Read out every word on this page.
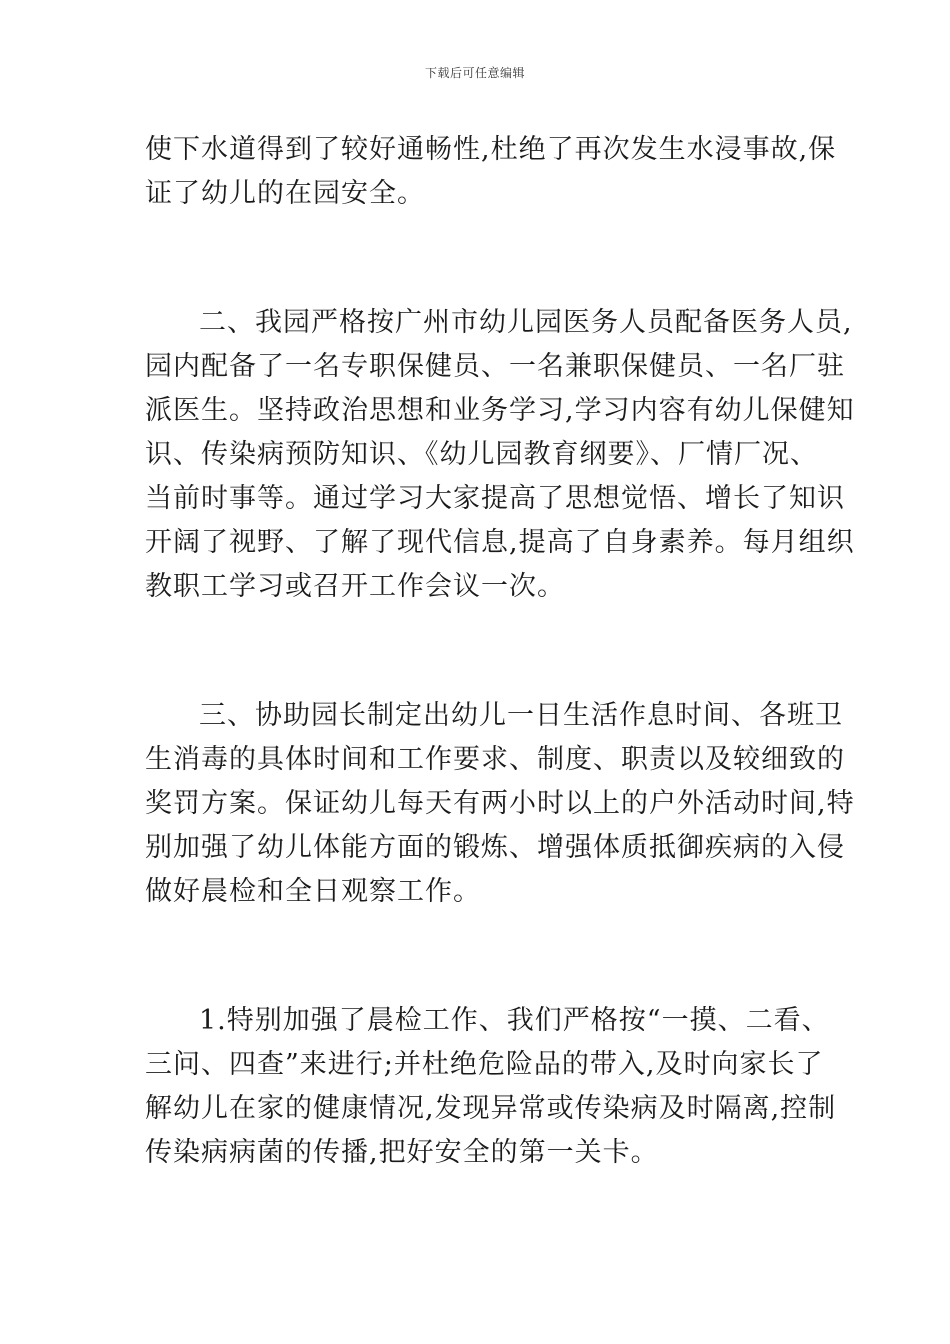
下载后可任意编辑

使下水道得到了较好通畅性,杜绝了再次发生水浸事故,保
证了幼儿的在园安全。

二、我园严格按广州市幼儿园医务人员配备医务人员,
园内配备了一名专职保健员、一名兼职保健员、一名厂驻
派医生。坚持政治思想和业务学习,学习内容有幼儿保健知
识、传染病预防知识、《幼儿园教育纲要》、厂情厂况、
当前时事等。通过学习大家提高了思想觉悟、增长了知识
开阔了视野、了解了现代信息,提高了自身素养。每月组织
教职工学习或召开工作会议一次。

三、协助园长制定出幼儿一日生活作息时间、各班卫
生消毒的具体时间和工作要求、制度、职责以及较细致的
奖罚方案。保证幼儿每天有两小时以上的户外活动时间,特
别加强了幼儿体能方面的锻炼、增强体质抵御疾病的入侵
做好晨检和全日观察工作。

1.特别加强了晨检工作、我们严格按“一摸、二看、
三问、四查”来进行;并杜绝危险品的带入,及时向家长了
解幼儿在家的健康情况,发现异常或传染病及时隔离,控制
传染病病菌的传播,把好安全的第一关卡。
